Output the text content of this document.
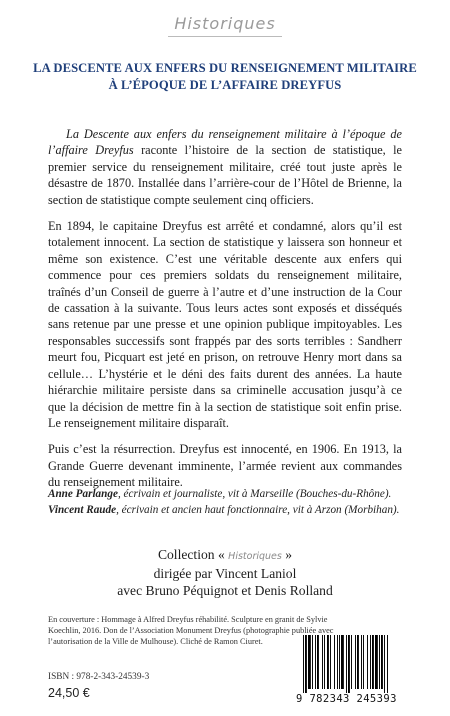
Historiques
LA DESCENTE AUX ENFERS DU RENSEIGNEMENT MILITAIRE
À L’ÉPOQUE DE L’AFFAIRE DREYFUS

La Descente aux enfers du renseignement militaire à l’époque de l’affaire Dreyfus raconte l’histoire de la section de statistique, le premier service du renseignement militaire, créé tout juste après le désastre de 1870. Installée dans l’arrière-cour de l’Hôtel de Brienne, la section de statistique compte seulement cinq officiers.

En 1894, le capitaine Dreyfus est arrêté et condamné, alors qu’il est totalement innocent. La section de statistique y laissera son honneur et même son existence. C’est une véritable descente aux enfers qui commence pour ces premiers soldats du renseignement militaire, traînés d’un Conseil de guerre à l’autre et d’une instruction de la Cour de cassation à la suivante. Tous leurs actes sont exposés et disséqués sans retenue par une presse et une opinion publique impitoyables. Les responsables successifs sont frappés par des sorts terribles : Sandherr meurt fou, Picquart est jeté en prison, on retrouve Henry mort dans sa cellule… L’hystérie et le déni des faits durent des années. La haute hiérarchie militaire persiste dans sa criminelle accusation jusqu’à ce que la décision de mettre fin à la section de statistique soit enfin prise. Le renseignement militaire disparaît.

Puis c’est la résurrection. Dreyfus est innocenté, en 1906. En 1913, la Grande Guerre devenant imminente, l’armée revient aux commandes du renseignement militaire.

Anne Parlange, écrivain et journaliste, vit à Marseille (Bouches-du-Rhône).
Vincent Raude, écrivain et ancien haut fonctionnaire, vit à Arzon (Morbihan).
Collection « Historiques »
dirigée par Vincent Laniol
avec Bruno Péquignot et Denis Rolland
En couverture : Hommage à Alfred Dreyfus réhabilité. Sculpture en granit de Sylvie Koechlin, 2016. Don de l’Association Monument Dreyfus (photographie publiée avec l’autorisation de la Ville de Mulhouse). Cliché de Ramon Ciuret.
ISBN : 978-2-343-24539-3
24,50 €	9 782343 245393
